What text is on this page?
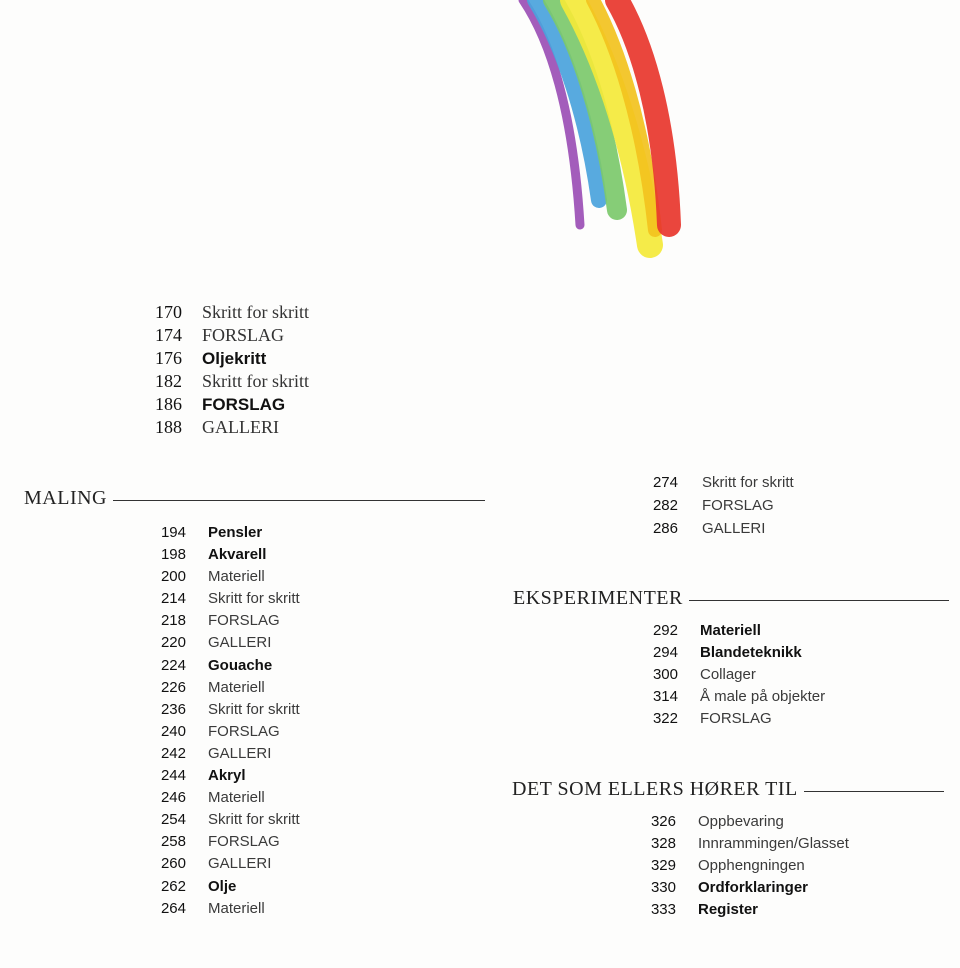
170 Skritt for skritt
174 FORSLAG
176 Oljekritt
182 Skritt for skritt
186 FORSLAG
188 GALLERI
MALING
194 Pensler
198 Akvarell
200 Materiell
214 Skritt for skritt
218 FORSLAG
220 GALLERI
224 Gouache
226 Materiell
236 Skritt for skritt
240 FORSLAG
242 GALLERI
244 Akryl
246 Materiell
254 Skritt for skritt
258 FORSLAG
260 GALLERI
262 Olje
264 Materiell
274 Skritt for skritt
282 FORSLAG
286 GALLERI
EKSPERIMENTER
292 Materiell
294 Blandeteknikk
300 Collager
314 Å male på objekter
322 FORSLAG
DET SOM ELLERS HØRER TIL
326 Oppbevaring
328 Innrammingen/Glasset
329 Opphengningen
330 Ordforklaringer
333 Register
